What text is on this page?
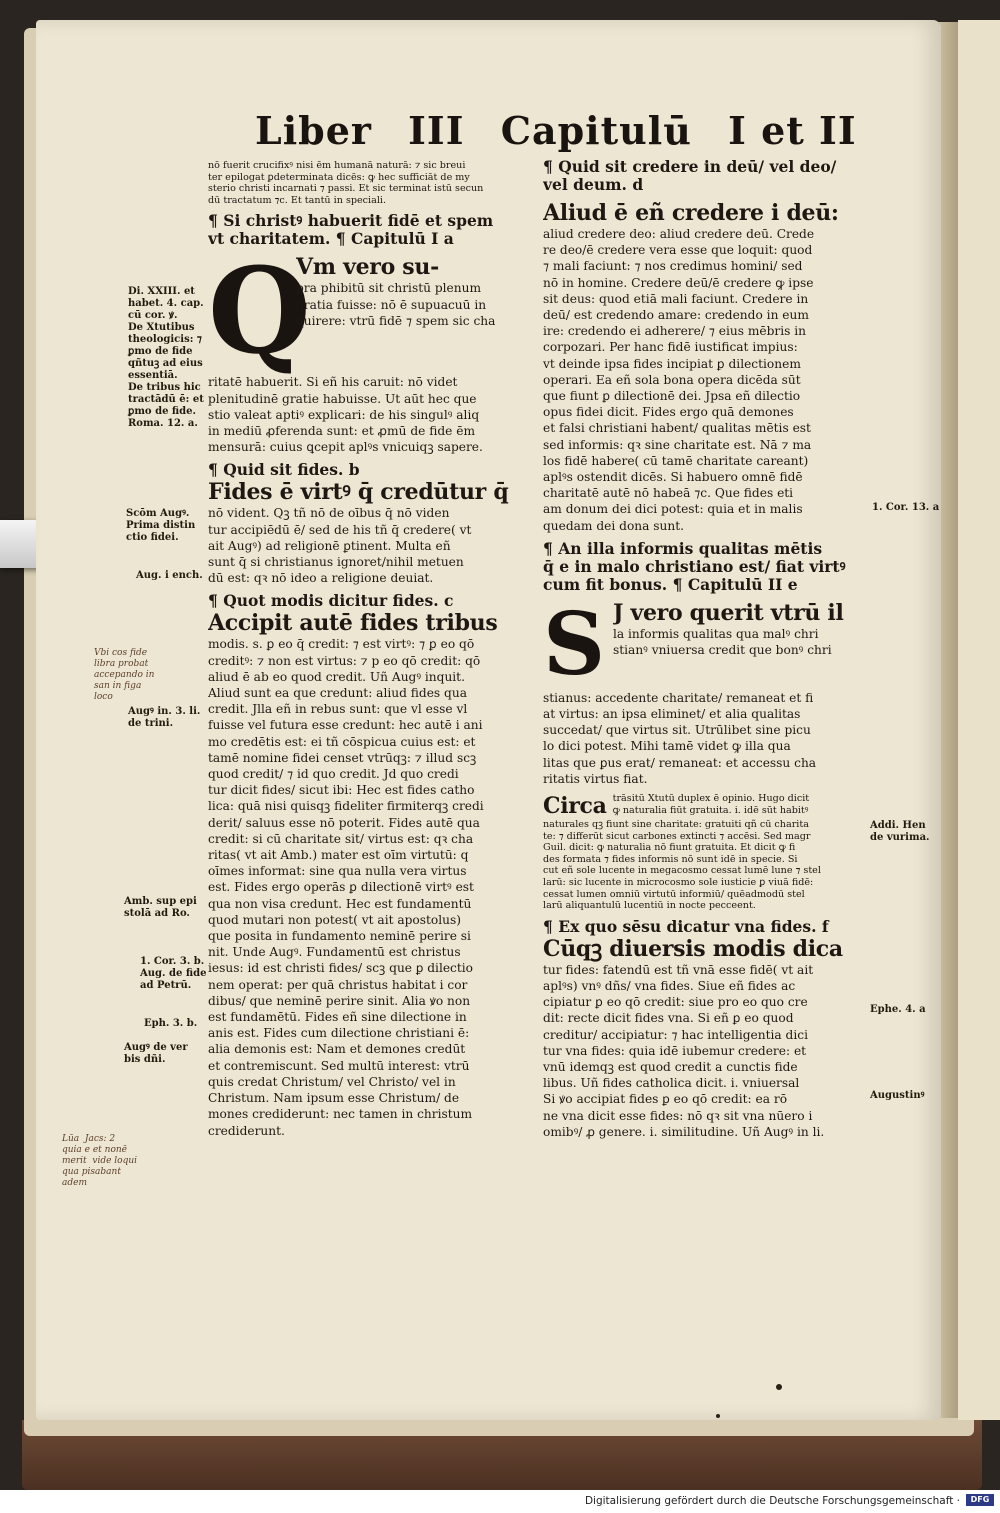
Liber III Capitulū I et II
nō fuerit crucifixꝰ nisi ēm humanā naturā: ⁊ sic breui
ter epilogat ꝑdeterminata dicēs: ꝙ hec sufficiāt de my
sterio christi incarnati ⁊ passi. Et sic terminat istū secun
dū tractatum ⁊c. Et tantū in speciali.
¶ Si christꝰ habuerit fidē et spem
vt charitatem. ¶ Capitulū I a
Q
Vm vero su-
pra phibitū sit christū plenum
gratia fuisse: nō ē supuacuū in
quirere: vtrū fidē ⁊ spem sic cha
ritatē habuerit. Si eñ his caruit: nō videt
plenitudinē gratie habuisse. Ut aūt hec que
stio valeat aptiꝰ explicari: de his singulꝰ aliq
in mediū ꝓferenda sunt: et ꝓmū de fide ēm
mensurā: cuius ꝗcepit aplꝰs vnicuiqꝫ sapere.
¶ Quid sit fides. b
Fides ē virtꝰ q̄ credūtur q̄
nō vident. Qꝫ tñ nō de oībus q̄ nō viden
tur accipiēdū ē/ sed de his tñ q̄ credere( vt
ait Augꝰ) ad religionē ꝑtinent. Multa eñ
sunt q̄ si christianus ignoret/nihil metuen
dū est: qꝛ nō ideo a religione deuiat.
¶ Quot modis dicitur fides. c
Accipit autē fides tribus
modis. s. ꝑ eo q̄ credit: ⁊ est virtꝰ: ⁊ ꝑ eo qō
creditꝰ: ⁊ non est virtus: ⁊ p eo qō credit: qō
aliud ē ab eo quod credit. Uñ Augꝰ inquit.
Aliud sunt ea que credunt: aliud fides qua
credit. Jlla eñ in rebus sunt: que vl esse vl
fuisse vel futura esse credunt: hec autē i ani
mo credētis est: ei tñ cōspicua cuius est: et
tamē nomine fidei censet vtrūqꝫ: ⁊ illud scꝫ
quod credit/ ⁊ id quo credit. Jd quo credi
tur dicit fides/ sicut ibi: Hec est fides catho
lica: quā nisi quisqꝫ fideliter firmiterqꝫ credi
derit/ saluus esse nō poterit. Fides autē qua
credit: si cū charitate sit/ virtus est: qꝛ cha
ritas( vt ait Amb.) mater est oīm virtutū: q
oīmes informat: sine qua nulla vera virtus
est. Fides ergo operās ꝑ dilectionē virtꝰ est
qua non visa credunt. Hec est fundamentū
quod mutari non potest( vt ait apostolus)
que posita in fundamento neminē perire si
nit. Unde Augꝰ. Fundamentū est christus
iesus: id est christi fides/ scꝫ que ꝑ dilectio
nem operat: per quā christus habitat i cor
dibus/ que neminē perire sinit. Alia ꝟo non
est fundamētū. Fides eñ sine dilectione in
anis est. Fides cum dilectione christiani ē:
alia demonis est: Nam et demones credūt
et contremiscunt. Sed multū interest: vtrū
quis credat Christum/ vel Christo/ vel in
Christum. Nam ipsum esse Christum/ de
mones crediderunt: nec tamen in christum
crediderunt.
¶ Quid sit credere in deū/ vel deo/
vel deum. d
Aliud ē eñ credere i deū:
aliud credere deo: aliud credere deū. Crede
re deo/ē credere vera esse que loquit: quod
⁊ mali faciunt: ⁊ nos credimus homini/ sed
nō in homine. Credere deū/ē credere ꝙ ipse
sit deus: quod etiā mali faciunt. Credere in
deū/ est credendo amare: credendo in eum
ire: credendo ei adherere/ ⁊ eius mēbris in
corpozari. Per hanc fidē iustificat impius:
vt deinde ipsa fides incipiat ꝑ dilectionem
operari. Ea eñ sola bona opera dicēda sūt
que fiunt ꝑ dilectionē dei. Jpsa eñ dilectio
opus fidei dicit. Fides ergo quā demones
et falsi christiani habent/ qualitas mētis est
sed informis: qꝛ sine charitate est. Nā ⁊ ma
los fidē habere( cū tamē charitate careant)
aplꝰs ostendit dicēs. Si habuero omnē fidē
charitatē autē nō habeā ⁊c. Que fides eti
am donum dei dici potest: quia et in malis
quedam dei dona sunt.
¶ An illa informis qualitas mētis
q̄ e in malo christiano est/ fiat virtꝰ
cum fit bonus. ¶ Capitulū II e
S J vero querit vtrū il
la informis qualitas qua malꝰ chri
stianꝰ vniuersa credit que bonꝰ chri
stianus: accedente charitate/ remaneat et fi
at virtus: an ipsa eliminet/ et alia qualitas
succedat/ que virtus sit. Utrūlibet sine picu
lo dici potest. Mihi tamē videt ꝙ illa qua
litas que ꝑus erat/ remaneat: et accessu cha
ritatis virtus fiat.
Circa trāsitū Xtutū duplex ē opinio. Hugo dicit
ꝙ naturalia fiūt gratuita. i. idē sūt habitꝰ
naturales qꝫ fiunt sine charitate: gratuiti qñ cū charita
te: ⁊ differūt sicut carbones extincti ⁊ accēsi. Sed magr
Guil. dicit: ꝙ naturalia nō fiunt gratuita. Et dicit ꝙ fi
des formata ⁊ fides informis nō sunt idē in specie. Si
cut eñ sole lucente in megacosmo cessat lumē lune ⁊ stel
larū: sic lucente in microcosmo sole iusticie ꝑ viuā fidē:
cessat lumen omniū virtutū informiū/ quēadmodū stel
larū aliquantulū lucentiū in nocte pecceent.
¶ Ex quo sēsu dicatur vna fides. f
Cūqꝫ diuersis modis dica
tur fides: fatendū est tñ vnā esse fidē( vt ait
aplꝰs) vnꝰ dñs/ vna fides. Siue eñ fides ac
cipiatur ꝑ eo qō credit: siue pro eo quo cre
dit: recte dicit fides vna. Si eñ ꝑ eo quod
creditur/ accipiatur: ⁊ hac intelligentia dici
tur vna fides: quia idē iubemur credere: et
vnū idemqꝫ est quod credit a cunctis fide
libus. Uñ fides catholica dicit. i. vniuersal
Si ꝟo accipiat fides ꝑ eo qō credit: ea rō
ne vna dicit esse fides: nō qꝛ sit vna nūero i
omibꝰ/ ꝓ genere. i. similitudine. Uñ Augꝰ in li.
Di. XXIII. et
habet. 4. cap.
cū cor. ꝟ.
De Xtutibus
theologicis: ⁊
ꝑmo de fide
qñtuꝫ ad eius
essentiā.
De tribus hic
tractādū ē: et
ꝑmo de fide.
Roma. 12. a.
Scōm Augꝰ.
Prima distin
ctio fidei.
Aug. i ench.
Augꝰ in. 3. li.
de trini.
Amb. sup epi
stolā ad Ro.
1. Cor. 3. b.
Aug. de fide
ad Petrū.
Eph. 3. b.
Augꝰ de ver
bis dñi.
1. Cor. 13. a
Addi. Hen
de vurima.
Ephe. 4. a
Augustinꝰ
Vbi cos fide
libra probat
accepando in
san in figa
loco
Lūa  Jacs: 2
quia e et nonē
merit  vide loqui
qua pisabant
adem
Digitalisierung gefördert durch die Deutsche Forschungsgemeinschaft ·	DFG
